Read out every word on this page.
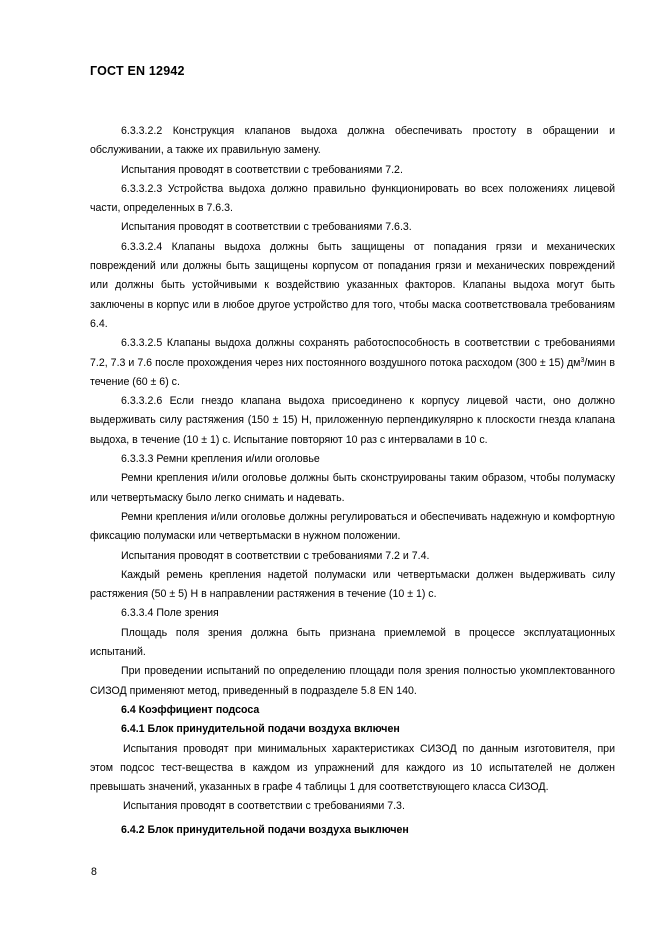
ГОСТ EN 12942

6.3.3.2.2 Конструкция клапанов выдоха должна обеспечивать простоту в обращении и обслуживании, а также их правильную замену.

Испытания проводят в соответствии с требованиями 7.2.

6.3.3.2.3 Устройства выдоха должно правильно функционировать во всех положениях лицевой части, определенных в 7.6.3.

Испытания проводят в соответствии с требованиями 7.6.3.

6.3.3.2.4 Клапаны выдоха должны быть защищены от попадания грязи и механических повреждений или должны быть защищены корпусом от попадания грязи и механических повреждений или должны быть устойчивыми к воздействию указанных факторов. Клапаны выдоха могут быть заключены в корпус или в любое другое устройство для того, чтобы маска соответствовала требованиям 6.4.

6.3.3.2.5 Клапаны выдоха должны сохранять работоспособность в соответствии с требованиями 7.2, 7.3 и 7.6 после прохождения через них постоянного воздушного потока расходом (300 ± 15) $дм^3$/мин в течение (60 ± 6) с.

6.3.3.2.6 Если гнездо клапана выдоха присоединено к корпусу лицевой части, оно должно выдерживать силу растяжения (150 ± 15) Н, приложенную перпендикулярно к плоскости гнезда клапана выдоха, в течение (10 ± 1) с. Испытание повторяют 10 раз с интервалами в 10 с.

6.3.3.3 Ремни крепления и/или оголовье

Ремни крепления и/или оголовье должны быть сконструированы таким образом, чтобы полумаску или четвертьмаску было легко снимать и надевать.

Ремни крепления и/или оголовье должны регулироваться и обеспечивать надежную и комфортную фиксацию полумаски или четвертьмаски в нужном положении.

Испытания проводят в соответствии с требованиями 7.2 и 7.4.

Каждый ремень крепления надетой полумаски или четвертьмаски должен выдерживать силу растяжения (50 ± 5) Н в направлении растяжения в течение (10 ± 1) с.

6.3.3.4 Поле зрения

Площадь поля зрения должна быть признана приемлемой в процессе эксплуатационных испытаний.

При проведении испытаний по определению площади поля зрения полностью укомплектованного СИЗОД применяют метод, приведенный в подразделе 5.8 EN 140.

6.4 Коэффициент подсоса

6.4.1 Блок принудительной подачи воздуха включен

Испытания проводят при минимальных характеристиках СИЗОД по данным изготовителя, при этом подсос тест-вещества в каждом из упражнений для каждого из 10 испытателей не должен превышать значений, указанных в графе 4 таблицы 1 для соответствующего класса СИЗОД.

Испытания проводят в соответствии с требованиями 7.3.

6.4.2 Блок принудительной подачи воздуха выключен

8
